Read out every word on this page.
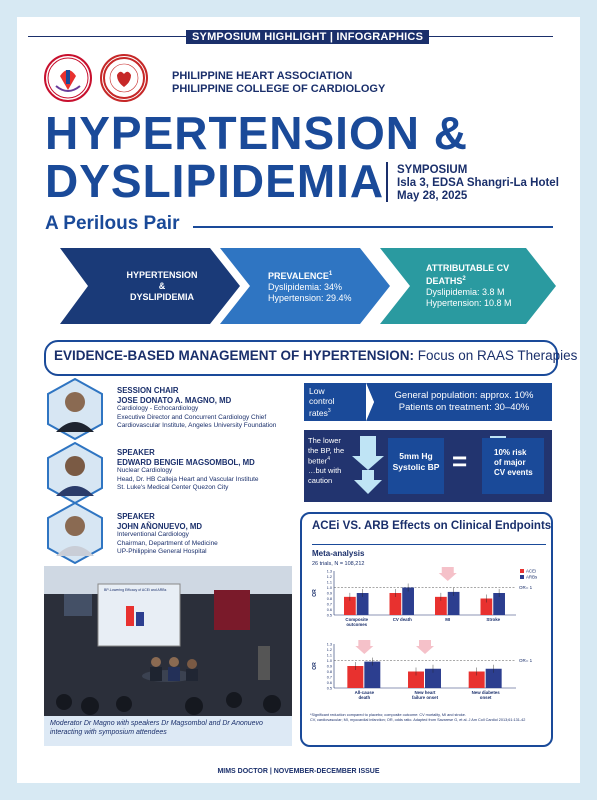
SYMPOSIUM HIGHLIGHT | INFOGRAPHICS
PHILIPPINE HEART ASSOCIATION
PHILIPPINE COLLEGE OF CARDIOLOGY
HYPERTENSION &
DYSLIPIDEMIA SYMPOSIUM
Isla 3, EDSA Shangri-La Hotel
May 28, 2025
A Perilous Pair
HYPERTENSION
&
DYSLIPIDEMIA
PREVALENCE$^1$
Dyslipidemia: 34%
Hypertension: 29.4%
ATTRIBUTABLE CV DEATHS$^2$
Dyslipidemia: 3.8 M
Hypertension: 10.8 M
EVIDENCE-BASED MANAGEMENT OF HYPERTENSION: Focus on RAAS Therapies
SESSION CHAIR
JOSE DONATO A. MAGNO, MD
Cardiology - Echocardiology
Executive Director and Concurrent Cardiology Chief
Cardiovascular Institute, Angeles University Foundation
SPEAKER
EDWARD BENGIE MAGSOMBOL, MD
Nuclear Cardiology
Head, Dr. HB Calleja Heart and Vascular Institute
St. Luke's Medical Center Quezon City
SPEAKER
JOHN AÑONUEVO, MD
Interventional Cardiology
Chairman, Department of Medicine
UP-Philippine General Hospital
Low
control
rates$^3$
General population: approx. 10%
Patients on treatment: 30–40%
The lower
the BP, the
better$^4$
…but with
caution
5mm Hg
Systolic BP =	10% risk
of major
CV events
BP-Lowering Efficacy of ACEi and ARBs
Moderator Dr Magno with speakers Dr Magsombol and Dr Anonuevo interacting with symposium attendees
ACEi VS. ARB Effects on Clinical Endpoints
Meta-analysis
26 trials, N = 108,212
0.5
0.6
0.7
0.8
0.9
1.0
1.1
1.2
1.3
OR
OR= 1
Composite
outcomes
CV death	MI	Stroke
ACEi
ARBs
0.5
0.6
0.7
0.8
0.9
1.0
1.1
1.2
1.3
OR
OR= 1
All-cause
death
New heart
failure onset
New diabetes
onset
*Significant reduction compared to placebo; composite outcome: CV mortality, MI and stroke.
CV, cardiovascular; MI, myocardial infarction; OR, odds ratio. Adapted from Savarese G, et al. J Am Coll Cardiol 2013;61:131-42
MIMS DOCTOR | NOVEMBER-DECEMBER ISSUE
